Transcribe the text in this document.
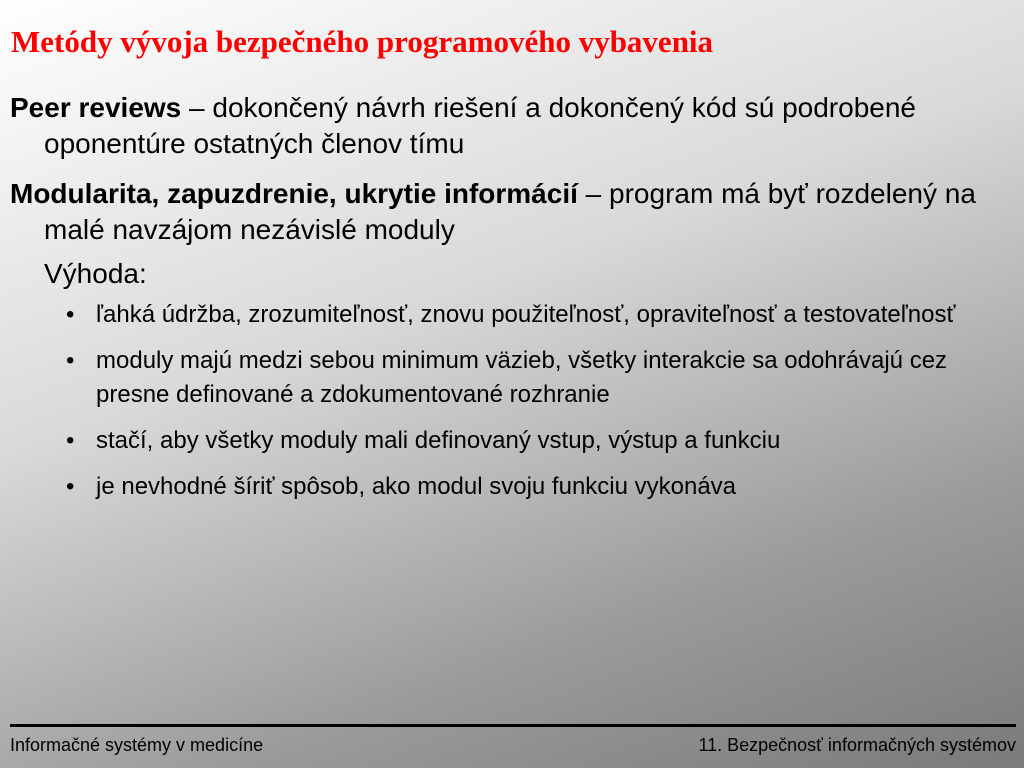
Metódy vývoja bezpečného programového vybavenia

Peer reviews – dokončený návrh riešení a dokončený kód sú podrobené oponentúre ostatných členov tímu

Modularita, zapuzdrenie, ukrytie informácií – program má byť rozdelený na malé navzájom nezávislé moduly

Výhoda:

• ľahká údržba, zrozumiteľnosť, znovu použiteľnosť, opraviteľnosť a testovateľnosť
• moduly majú medzi sebou minimum väzieb, všetky interakcie sa odohrávajú cez presne definované a zdokumentované rozhranie
• stačí, aby všetky moduly mali definovaný vstup, výstup a funkciu
• je nevhodné šíriť spôsob, ako modul svoju funkciu vykonáva
Informačné systémy v medicíne	11. Bezpečnosť informačných systémov
